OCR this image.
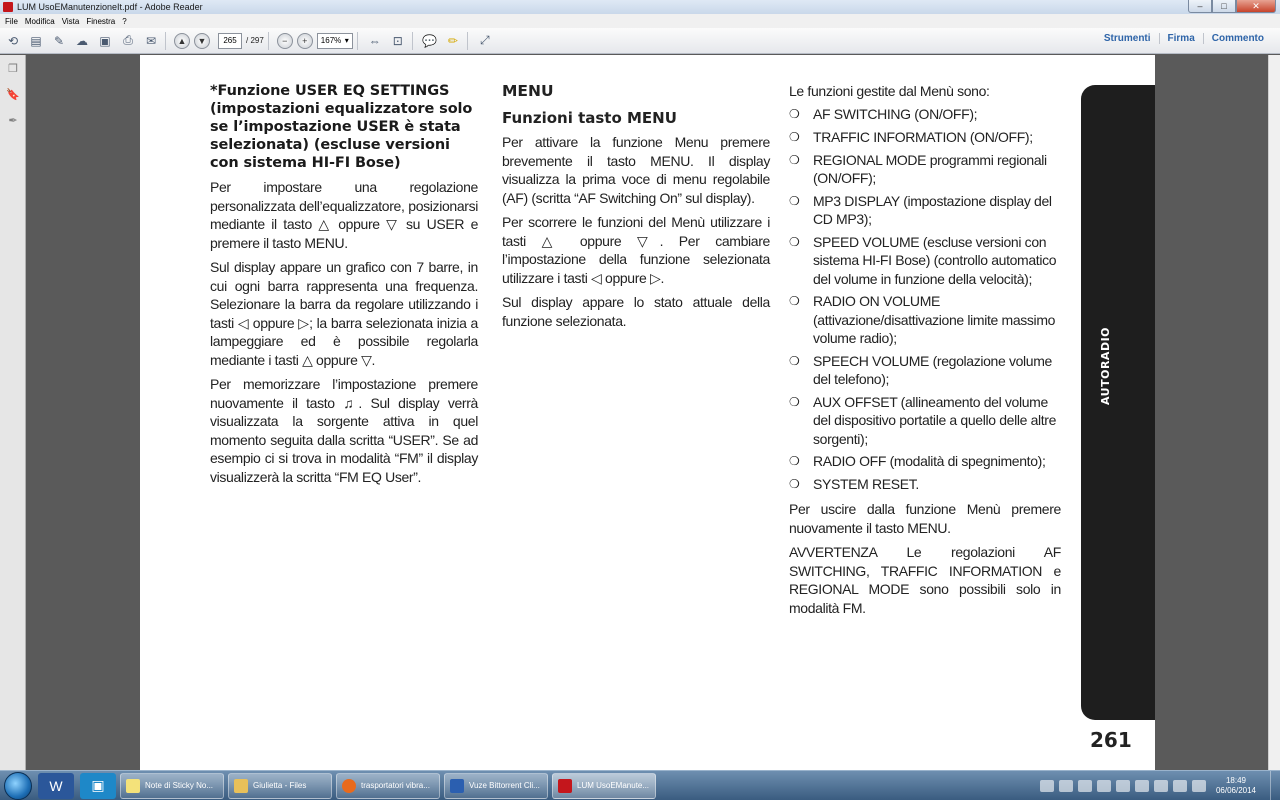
LUM UsoEManutenzioneIt.pdf - Adobe Reader	–	□	✕
File Modifica Vista Finestra ?
⟲	▤	✎ ☁ ▣	⎙	✉	▲	▼	265	/ 297	−	+	167% ▾	⇔ ⊡	💬 ✏	⤢	Strumenti	Firma	Commento
❐
🔖
✒
*Funzione USER EQ SETTINGS (impostazioni equalizzatore solo se l’impostazione USER è stata selezionata) (escluse versioni con sistema HI-FI Bose)
Per impostare una regolazione personalizzata dell’equalizzatore, posizionarsi mediante il tasto △ oppure ▽ su USER e premere il tasto MENU.
Sul display appare un grafico con 7 barre, in cui ogni barra rappresenta una frequenza. Selezionare la barra da regolare utilizzando i tasti ◁ oppure ▷; la barra selezionata inizia a lampeggiare ed è possibile regolarla mediante i tasti △ oppure ▽.
Per memorizzare l’impostazione premere nuovamente il tasto ♫. Sul display verrà visualizzata la sorgente attiva in quel momento seguita dalla scritta “USER”. Se ad esempio ci si trova in modalità “FM” il display visualizzerà la scritta “FM EQ User”.
MENU
Funzioni tasto MENU
Per attivare la funzione Menu premere brevemente il tasto MENU. Il display visualizza la prima voce di menu regolabile (AF) (scritta “AF Switching On” sul display).
Per scorrere le funzioni del Menù utilizzare i tasti △ oppure ▽. Per cambiare l’impostazione della funzione selezionata utilizzare i tasti ◁ oppure ▷.
Sul display appare lo stato attuale della funzione selezionata.
Le funzioni gestite dal Menù sono:
❍ AF SWITCHING (ON/OFF);
❍ TRAFFIC INFORMATION (ON/OFF);
❍ REGIONAL MODE programmi regionali (ON/OFF);
❍ MP3 DISPLAY (impostazione display del CD MP3);
❍ SPEED VOLUME (escluse versioni con sistema HI-FI Bose) (controllo automatico del volume in funzione della velocità);
❍ RADIO ON VOLUME (attivazione/disattivazione limite massimo volume radio);
❍ SPEECH VOLUME (regolazione volume del telefono);
❍ AUX OFFSET (allineamento del volume del dispositivo portatile a quello delle altre sorgenti);
❍ RADIO OFF (modalità di spegnimento);
❍ SYSTEM RESET.
Per uscire dalla funzione Menù premere nuovamente il tasto MENU.
AVVERTENZA Le regolazioni AF SWITCHING, TRAFFIC INFORMATION e REGIONAL MODE sono possibili solo in modalità FM.
AUTORADIO
261
W	▣	Note di Sticky No...	Giulietta - Files	trasportatori vibra...	Vuze Bittorrent Cli...	LUM UsoEManute...
18:49
06/06/2014
